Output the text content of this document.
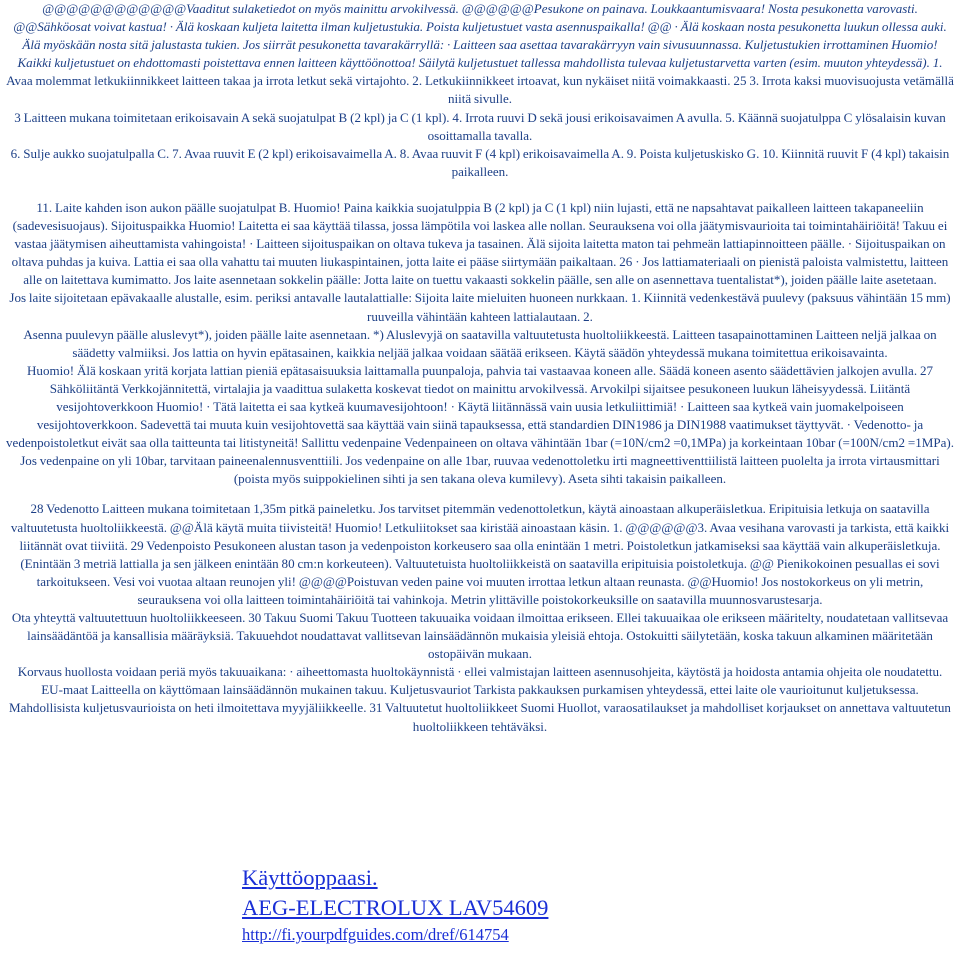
@@@@@@@@@@@@Vaaditut sulaketiedot on myös mainittu arvokilvessä. @@@@@@Pesukone on painava. Loukkaantumisvaara! Nosta pesukonetta varovasti. @@Sähköosat voivat kastua! · Älä koskaan kuljeta laitetta ilman kuljetustukia. Poista kuljetustuet vasta asennuspaikalla! @@ · Älä koskaan nosta pesukonetta luukun ollessa auki. Älä myöskään nosta sitä jalustasta tukien. Jos siirrät pesukonetta tavarakärryllä: · Laitteen saa asettaa tavarakärryyn vain sivusuunnassa. Kuljetustukien irrottaminen Huomio! Kaikki kuljetustuet on ehdottomasti poistettava ennen laitteen käyttöönottoa! Säilytä kuljetustuet tallessa mahdollista tulevaa kuljetustarvetta varten (esim. muuton yhteydessä). 1.

Avaa molemmat letkukiinnikkeet laitteen takaa ja irrota letkut sekä virtajohto. 2. Letkukiinnikkeet irtoavat, kun nykäiset niitä voimakkaasti. 25 3. Irrota kaksi muovisuojusta vetämällä niitä sivulle.

3 Laitteen mukana toimitetaan erikoisavain A sekä suojatulpat B (2 kpl) ja C (1 kpl). 4. Irrota ruuvi D sekä jousi erikoisavaimen A avulla. 5. Käännä suojatulppa C ylösalaisin kuvan osoittamalla tavalla.

6. Sulje aukko suojatulpalla C. 7. Avaa ruuvit E (2 kpl) erikoisavaimella A. 8. Avaa ruuvit F (4 kpl) erikoisavaimella A. 9. Poista kuljetuskisko G. 10. Kiinnitä ruuvit F (4 kpl) takaisin paikalleen.

11. Laite kahden ison aukon päälle suojatulpat B. Huomio! Paina kaikkia suojatulppia B (2 kpl) ja C (1 kpl) niin lujasti, että ne napsahtavat paikalleen laitteen takapaneeliin (sadevesisuojaus). Sijoituspaikka Huomio! Laitetta ei saa käyttää tilassa, jossa lämpötila voi laskea alle nollan. Seurauksena voi olla jäätymisvaurioita tai toimintahäiriöitä! Takuu ei vastaa jäätymisen aiheuttamista vahingoista! · Laitteen sijoituspaikan on oltava tukeva ja tasainen. Älä sijoita laitetta maton tai pehmeän lattiapinnoitteen päälle. · Sijoituspaikan on oltava puhdas ja kuiva. Lattia ei saa olla vahattu tai muuten liukaspintainen, jotta laite ei pääse siirtymään paikaltaan. 26 · Jos lattiamateriaali on pienistä paloista valmistettu, laitteen alle on laitettava kumimatto. Jos laite asennetaan sokkelin päälle: Jotta laite on tuettu vakaasti sokkelin päälle, sen alle on asennettava tuentalistat*), joiden päälle laite asetetaan.

Jos laite sijoitetaan epävakaalle alustalle, esim. periksi antavalle lautalattialle: Sijoita laite mieluiten huoneen nurkkaan. 1. Kiinnitä vedenkestävä puulevy (paksuus vähintään 15 mm) ruuveilla vähintään kahteen lattialautaan. 2.

Asenna puulevyn päälle aluslevyt*), joiden päälle laite asennetaan. *) Aluslevyjä on saatavilla valtuutetusta huoltoliikkeestä. Laitteen tasapainottaminen Laitteen neljä jalkaa on säädetty valmiiksi. Jos lattia on hyvin epätasainen, kaikkia neljää jalkaa voidaan säätää erikseen. Käytä säädön yhteydessä mukana toimitettua erikoisavainta.

Huomio! Älä koskaan yritä korjata lattian pieniä epätasaisuuksia laittamalla puunpaloja, pahvia tai vastaavaa koneen alle. Säädä koneen asento säädettävien jalkojen avulla. 27 Sähköliitäntä Verkkojännitettä, virtalajia ja vaadittua sulaketta koskevat tiedot on mainittu arvokilvessä. Arvokilpi sijaitsee pesukoneen luukun läheisyydessä. Liitäntä vesijohtoverkkoon Huomio! · Tätä laitetta ei saa kytkeä kuumavesijohtoon! · Käytä liitännässä vain uusia letkuliittimiä! · Laitteen saa kytkeä vain juomakelpoiseen vesijohtoverkkoon. Sadevettä tai muuta kuin vesijohtovettä saa käyttää vain siinä tapauksessa, että standardien DIN1986 ja DIN1988 vaatimukset täyttyvät. · Vedenotto- ja vedenpoistoletkut eivät saa olla taitteunta tai litistyneitä! Sallittu vedenpaine Vedenpaineen on oltava vähintään 1bar (=10N/cm2 =0,1MPa) ja korkeintaan 10bar (=100N/cm2 =1MPa). Jos vedenpaine on yli 10bar, tarvitaan paineenalennusventtiili. Jos vedenpaine on alle 1bar, ruuvaa vedenottoletku irti magneettiventtiilistä laitteen puolelta ja irrota virtausmittari (poista myös suippokielinen sihti ja sen takana oleva kumilevy). Aseta sihti takaisin paikalleen.

28 Vedenotto Laitteen mukana toimitetaan 1,35m pitkä paineletku. Jos tarvitset pitemmän vedenottoletkun, käytä ainoastaan alkuperäisletkua. Eripituisia letkuja on saatavilla valtuutetusta huoltoliikkeestä. @@Älä käytä muita tiivisteitä! Huomio! Letkuliitokset saa kiristää ainoastaan käsin. 1. @@@@@@3. Avaa vesihana varovasti ja tarkista, että kaikki liitännät ovat tiiviitä. 29 Vedenpoisto Pesukoneen alustan tason ja vedenpoiston korkeusero saa olla enintään 1 metri. Poistoletkun jatkamiseksi saa käyttää vain alkuperäisletkuja. (Enintään 3 metriä lattialla ja sen jälkeen enintään 80 cm:n korkeuteen). Valtuutetuista huoltoliikkeistä on saatavilla eripituisia poistoletkuja. @@ Pienikokoinen pesuallas ei sovi tarkoitukseen. Vesi voi vuotaa altaan reunojen yli! @@@@Poistuvan veden paine voi muuten irrottaa letkun altaan reunasta. @@Huomio! Jos nostokorkeus on yli metrin, seurauksena voi olla laitteen toimintahäiriöitä tai vahinkoja. Metrin ylittäville poistokorkeuksille on saatavilla muunnosvarustesarja.

Ota yhteyttä valtuutettuun huoltoliikkeeseen. 30 Takuu Suomi Takuu Tuotteen takuuaika voidaan ilmoittaa erikseen. Ellei takuuaikaa ole erikseen määritelty, noudatetaan vallitsevaa lainsäädäntöä ja kansallisia määräyksiä. Takuuehdot noudattavat vallitsevan lainsäädännön mukaisia yleisiä ehtoja. Ostokuitti säilytetään, koska takuun alkaminen määritetään ostopäivän mukaan.

Korvaus huollosta voidaan periä myös takuuaikana: · aiheettomasta huoltokäynnistä · ellei valmistajan laitteen asennusohjeita, käytöstä ja hoidosta antamia ohjeita ole noudatettu. EU-maat Laitteella on käyttömaan lainsäädännön mukainen takuu. Kuljetusvauriot Tarkista pakkauksen purkamisen yhteydessä, ettei laite ole vaurioitunut kuljetuksessa. Mahdollisista kuljetusvaurioista on heti ilmoitettava myyjäliikkeelle. 31 Valtuutetut huoltoliikkeet Suomi Huollot, varaosatilaukset ja mahdolliset korjaukset on annettava valtuutetun huoltoliikkeen tehtäväksi.

Käyttöoppaasi.
AEG-ELECTROLUX LAV54609
http://fi.yourpdfguides.com/dref/614754
